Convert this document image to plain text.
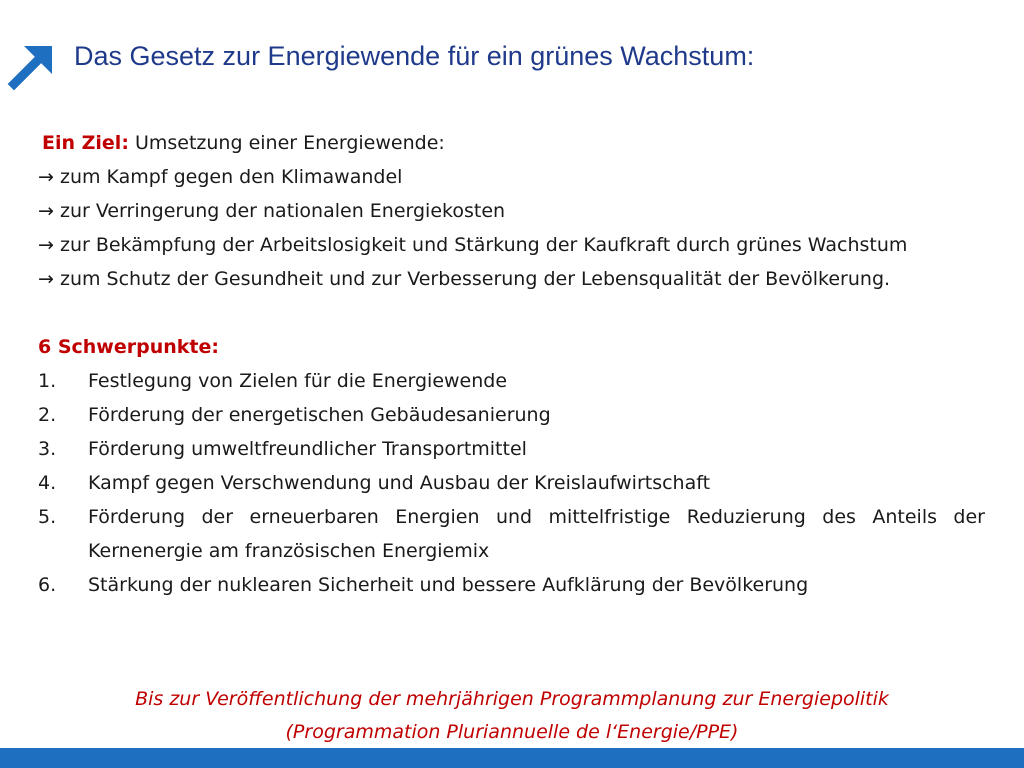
Das Gesetz zur Energiewende für ein grünes Wachstum:

Ein Ziel: Umsetzung einer Energiewende:

→ zum Kampf gegen den Klimawandel

→ zur Verringerung der nationalen Energiekosten

→ zur Bekämpfung der Arbeitslosigkeit und Stärkung der Kaufkraft durch grünes Wachstum

→ zum Schutz der Gesundheit und zur Verbesserung der Lebensqualität der Bevölkerung.

6 Schwerpunkte:

1.	Festlegung von Zielen für die Energiewende
2.	Förderung der energetischen Gebäudesanierung
3.	Förderung umweltfreundlicher Transportmittel
4.	Kampf gegen Verschwendung und Ausbau der Kreislaufwirtschaft
5.	Förderung der erneuerbaren Energien und mittelfristige Reduzierung des Anteils der Kernenergie am französischen Energiemix
6.	Stärkung der nuklearen Sicherheit und bessere Aufklärung der Bevölkerung
Bis zur Veröffentlichung der mehrjährigen Programmplanung zur Energiepolitik
(Programmation Pluriannuelle de l‘Energie/PPE)
